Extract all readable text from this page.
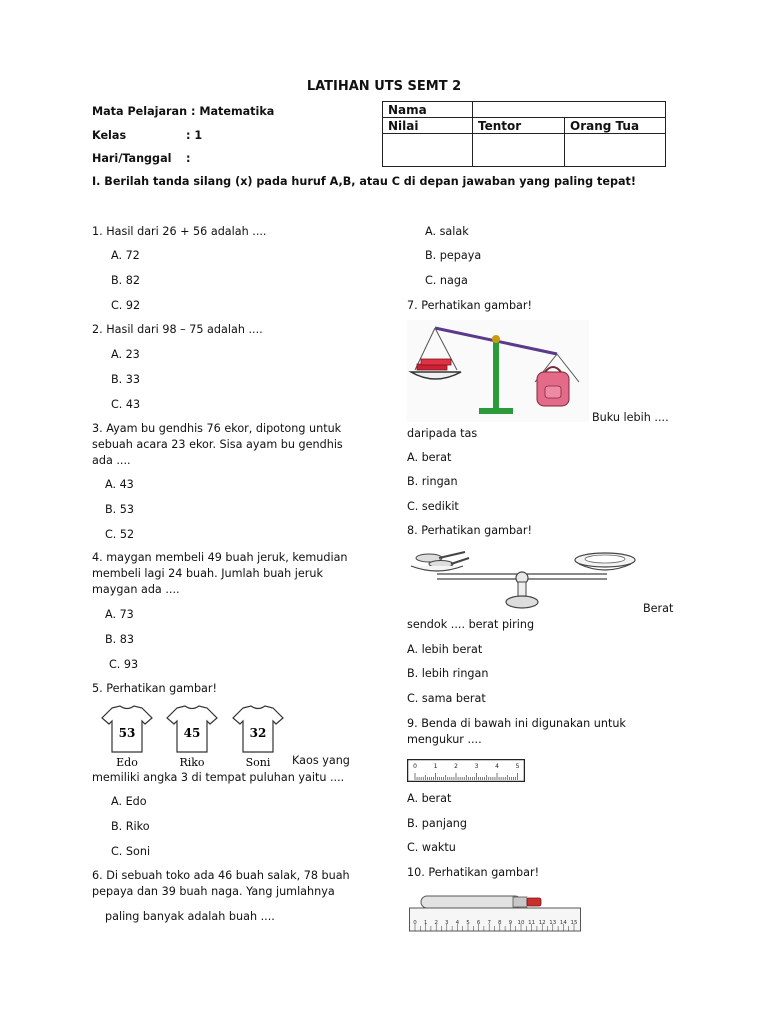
LATIHAN UTS SEMT 2
Mata Pelajaran : Matematika
Kelas	: 1
Hari/Tanggal :
Nama		
Nilai	Tentor	Orang Tua

I. Berilah tanda silang (x) pada huruf A,B, atau C di depan jawaban yang paling tepat!
1. Hasil dari 26 + 56 adalah ....
A. 72
B. 82
C. 92
2. Hasil dari 98 – 75 adalah ....
A. 23
B. 33
C. 43
3. Ayam bu gendhis 76 ekor, dipotong untuk
sebuah acara 23 ekor. Sisa ayam bu gendhis
ada ....
A. 43
B. 53
C. 52
4. maygan membeli 49 buah jeruk, kemudian
membeli lagi 24 buah. Jumlah buah jeruk
maygan ada ....
A. 73
B. 83
C. 93
5. Perhatikan gambar!
53
Edo
45
Riko
32
Soni Kaos yang
memiliki angka 3 di tempat puluhan yaitu ....
A. Edo
B. Riko
C. Soni
6. Di sebuah toko ada 46 buah salak, 78 buah
pepaya dan 39 buah naga. Yang jumlahnya
paling banyak adalah buah ....
A. salak
B. pepaya
C. naga
7. Perhatikan gambar!
Buku lebih ....
daripada tas
A. berat
B. ringan
C. sedikit
8. Perhatikan gambar!
Berat
sendok .... berat piring
A. lebih berat
B. lebih ringan
C. sama berat
9. Benda di bawah ini digunakan untuk
mengukur ....
0	1	2	3	4	5
A. berat
B. panjang
C. waktu
10. Perhatikan gambar!
0 1 2 3 4 5 6 7 8 9 10 11 12 13 14 15
